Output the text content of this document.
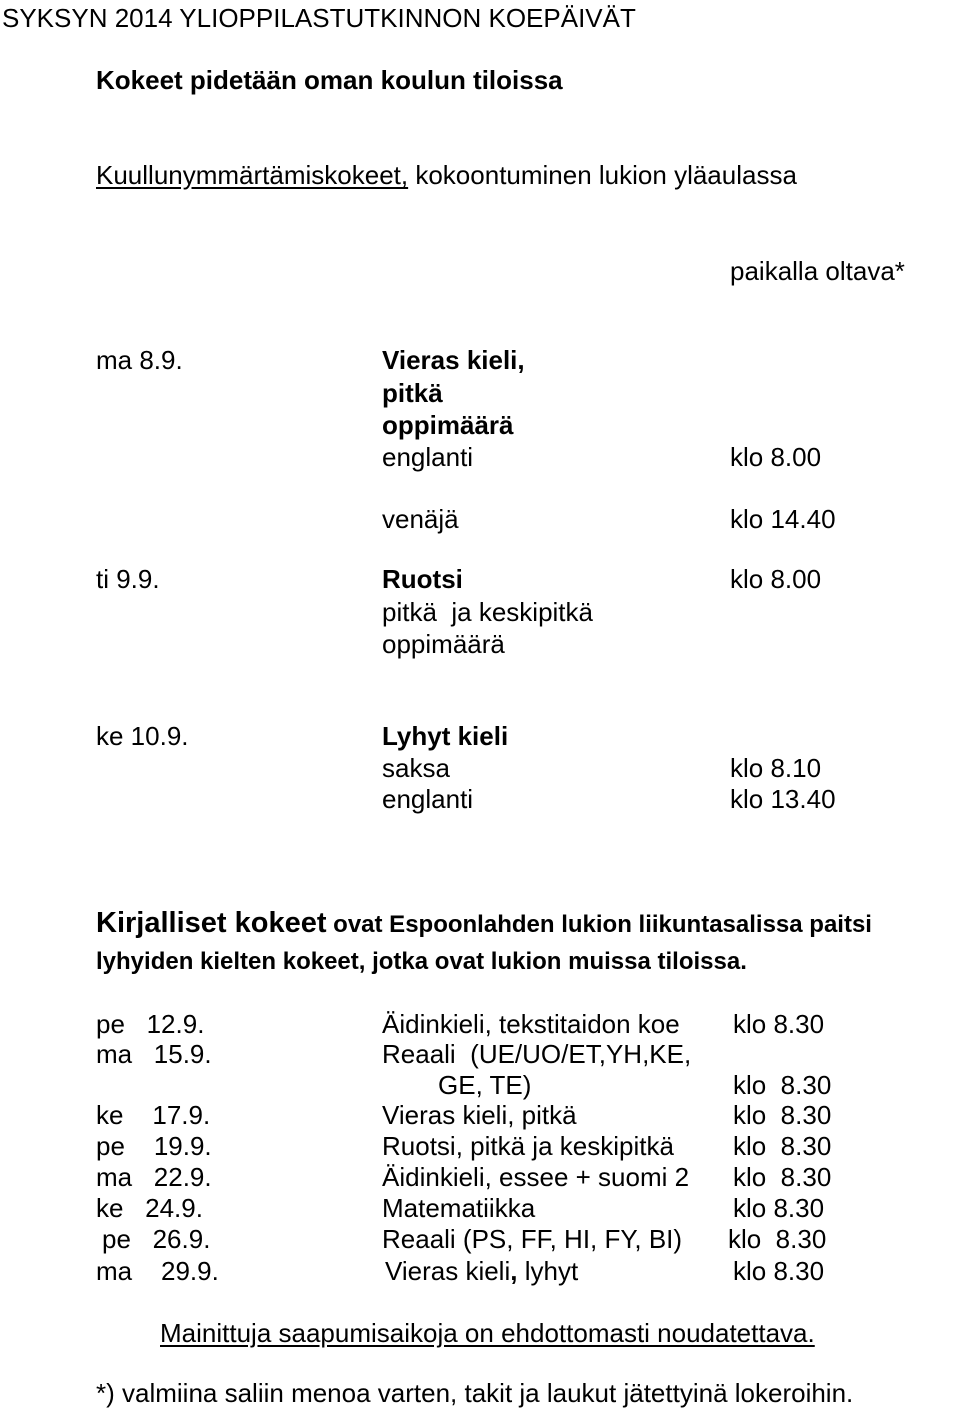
SYKSYN 2014 YLIOPPILASTUTKINNON KOEPÄIVÄT
Kokeet pidetään oman koulun tiloissa
Kuullunymmärtämiskokeet, kokoontuminen lukion yläaulassa
paikalla oltava*
ma 8.9.	Vieras kieli,
pitkä
oppimäärä
englanti	klo 8.00
venäjä	klo 14.40
ti 9.9.	Ruotsi	klo 8.00
pitkä  ja keskipitkä
oppimäärä
ke 10.9.	Lyhyt kieli
saksa	klo 8.10
englanti	klo 13.40
Kirjalliset kokeet ovat Espoonlahden lukion liikuntasalissa paitsi
lyhyiden kielten kokeet, jotka ovat lukion muissa tiloissa.
pe   12.9.	Äidinkieli, tekstitaidon koe klo 8.30
ma   15.9.	Reaali  (UE/UO/ET,YH,KE,
GE, TE)	klo  8.30
ke    17.9.	Vieras kieli, pitkä	klo  8.30
pe    19.9.	Ruotsi, pitkä ja keskipitkä klo  8.30
ma   22.9.	Äidinkieli, essee + suomi 2 klo  8.30
ke   24.9.	Matematiikka	klo 8.30
pe   26.9.	Reaali (PS, FF, HI, FY, BI) klo  8.30
ma    29.9.	Vieras kieli, lyhyt	klo 8.30
Mainittuja saapumisaikoja on ehdottomasti noudatettava.
*) valmiina saliin menoa varten, takit ja laukut jätettyinä lokeroihin.
